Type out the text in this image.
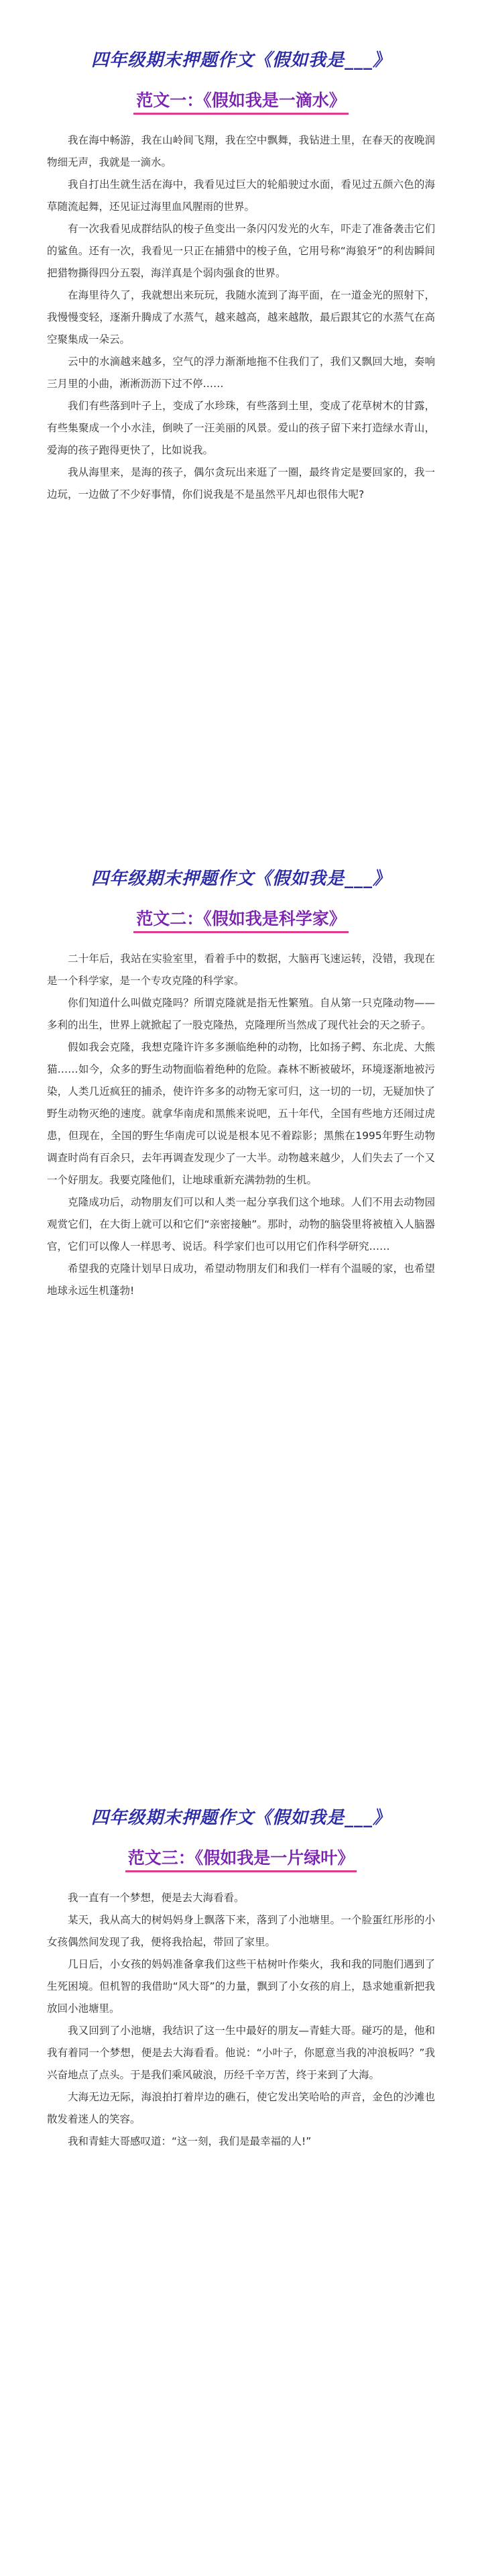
四年级期末押题作文《假如我是___》
范文一：《假如我是一滴水》

我在海中畅游，我在山岭间飞翔，我在空中飘舞，我钻进土里，在春天的夜晚润物细无声，我就是一滴水。

我自打出生就生活在海中，我看见过巨大的轮船驶过水面，看见过五颜六色的海草随流起舞，还见证过海里血风腥雨的世界。

有一次我看见成群结队的梭子鱼变出一条闪闪发光的火车，吓走了准备袭击它们的鲨鱼。还有一次，我看见一只正在捕猎中的梭子鱼，它用号称“海狼牙”的利齿瞬间把猎物撕得四分五裂，海洋真是个弱肉强食的世界。

在海里待久了，我就想出来玩玩，我随水流到了海平面，在一道金光的照射下，我慢慢变轻，逐渐升腾成了水蒸气，越来越高，越来越散，最后跟其它的水蒸气在高空聚集成一朵云。

云中的水滴越来越多，空气的浮力渐渐地拖不住我们了，我们又飘回大地，奏响三月里的小曲，淅淅沥沥下过不停……

我们有些落到叶子上，变成了水珍珠，有些落到土里，变成了花草树木的甘露，有些集聚成一个小水洼，倒映了一汪美丽的风景。爱山的孩子留下来打造绿水青山，爱海的孩子跑得更快了，比如说我。

我从海里来，是海的孩子，偶尔贪玩出来逛了一圈，最终肯定是要回家的，我一边玩，一边做了不少好事情，你们说我是不是虽然平凡却也很伟大呢?

四年级期末押题作文《假如我是___》
范文二：《假如我是科学家》

二十年后，我站在实验室里，看着手中的数据，大脑再飞速运转，没错，我现在是一个科学家，是一个专攻克隆的科学家。

你们知道什么叫做克隆吗？所谓克隆就是指无性繁殖。自从第一只克隆动物——多利的出生，世界上就掀起了一股克隆热，克隆理所当然成了现代社会的天之骄子。

假如我会克隆，我想克隆许许多多濒临绝种的动物，比如扬子鳄、东北虎、大熊猫……如今，众多的野生动物面临着绝种的危险。森林不断被破坏，环境逐渐地被污染，人类几近疯狂的捕杀，使许许多多的动物无家可归，这一切的一切，无疑加快了野生动物灭绝的速度。就拿华南虎和黑熊来说吧，五十年代，全国有些地方还闹过虎患，但现在，全国的野生华南虎可以说是根本见不着踪影；黑熊在1995年野生动物调查时尚有百余只，去年再调查发现少了一大半。动物越来越少，人们失去了一个又一个好朋友。我要克隆他们，让地球重新充满勃勃的生机。

克隆成功后，动物朋友们可以和人类一起分享我们这个地球。人们不用去动物园观赏它们，在大街上就可以和它们“亲密接触”。那时，动物的脑袋里将被植入人脑器官，它们可以像人一样思考、说话。科学家们也可以用它们作科学研究……

希望我的克隆计划早日成功，希望动物朋友们和我们一样有个温暖的家，也希望地球永远生机蓬勃!

四年级期末押题作文《假如我是___》
范文三：《假如我是一片绿叶》

我一直有一个梦想，便是去大海看看。

某天，我从高大的树妈妈身上飘落下来，落到了小池塘里。一个脸蛋红彤彤的小女孩偶然间发现了我，便将我拾起，带回了家里。

几日后，小女孩的妈妈准备拿我们这些干枯树叶作柴火，我和我的同胞们遇到了生死困境。但机智的我借助“风大哥”的力量，飘到了小女孩的肩上，恳求她重新把我放回小池塘里。

我又回到了小池塘，我结识了这一生中最好的朋友—青蛙大哥。碰巧的是，他和我有着同一个梦想，便是去大海看看。他说：“小叶子，你愿意当我的冲浪板吗？”我兴奋地点了点头。于是我们乘风破浪，历经千辛万苦，终于来到了大海。

大海无边无际，海浪拍打着岸边的礁石，使它发出笑哈哈的声音，金色的沙滩也散发着迷人的笑容。

我和青蛙大哥感叹道：“这一刻，我们是最幸福的人!”
